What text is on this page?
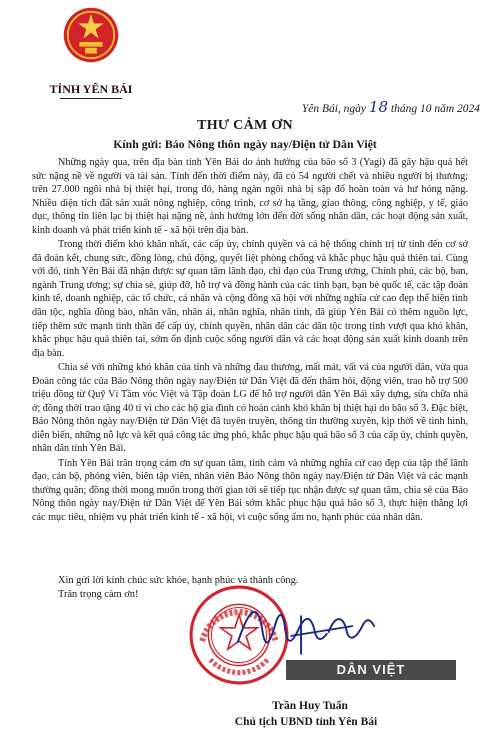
TỈNH YÊN BÁI
Yên Bái, ngày 18 tháng 10 năm 2024
THƯ CẢM ƠN
Kính gửi: Báo Nông thôn ngày nay/Điện tử Dân Việt

Những ngày qua, trên địa bàn tỉnh Yên Bái do ảnh hưởng của bão số 3 (Yagi) đã gây hậu quả hết sức nặng nề về người và tài sản. Tính đến thời điểm này, đã có 54 người chết và nhiều người bị thương; trên 27.000 ngôi nhà bị thiệt hại, trong đó, hàng ngàn ngôi nhà bị sập đổ hoàn toàn và hư hỏng nặng. Nhiều diện tích đất sản xuất nông nghiệp, công trình, cơ sở hạ tầng, giao thông, công nghiệp, y tế, giáo dục, thông tin liên lạc bị thiệt hại nặng nề, ảnh hưởng lớn đến đời sống nhân dân, các hoạt động sản xuất, kinh doanh và phát triển kinh tế - xã hội trên địa bàn.

Trong thời điểm khó khăn nhất, các cấp ủy, chính quyền và cả hệ thống chính trị từ tỉnh đến cơ sở đã đoàn kết, chung sức, đồng lòng, chủ động, quyết liệt phòng chống và khắc phục hậu quả thiên tai. Cùng với đó, tỉnh Yên Bái đã nhận được sự quan tâm lãnh đạo, chỉ đạo của Trung ương, Chính phủ, các bộ, ban, ngành Trung ương; sự chia sẻ, giúp đỡ, hỗ trợ và đồng hành của các tỉnh bạn, bạn bè quốc tế, các tập đoàn kinh tế, doanh nghiệp, các tổ chức, cá nhân và cộng đồng xã hội với những nghĩa cử cao đẹp thể hiện tình dân tộc, nghĩa đồng bào, nhân văn, nhân ái, nhân nghĩa, nhân tình, đã giúp Yên Bái có thêm nguồn lực, tiếp thêm sức mạnh tinh thần để cấp ủy, chính quyền, nhân dân các dân tộc trong tỉnh vượt qua khó khăn, khắc phục hậu quả thiên tai, sớm ổn định cuộc sống người dân và các hoạt động sản xuất kinh doanh trên địa bàn.

Chia sẻ với những khó khăn của tỉnh và những đau thương, mất mát, vất vả của người dân, vừa qua Đoàn công tác của Báo Nông thôn ngày nay/Điện tử Dân Việt đã đến thăm hỏi, động viên, trao hỗ trợ 500 triệu đồng từ Quỹ Vì Tầm vóc Việt và Tập đoàn LG để hỗ trợ người dân Yên Bái xây dựng, sửa chữa nhà ở; đồng thời trao tặng 40 ti vi cho các hộ gia đình có hoàn cảnh khó khăn bị thiệt hại do bão số 3. Đặc biệt, Báo Nông thôn ngày nay/Điện tử Dân Việt đã tuyên truyền, thông tin thường xuyên, kịp thời về tình hình, diễn biến, những nỗ lực và kết quả công tác ứng phó, khắc phục hậu quả bão số 3 của cấp ủy, chính quyền, nhân dân tỉnh Yên Bái.

Tỉnh Yên Bái trân trọng cảm ơn sự quan tâm, tình cảm và những nghĩa cử cao đẹp của tập thể lãnh đạo, cán bộ, phóng viên, biên tập viên, nhân viên Báo Nông thôn ngày nay/Điện tử Dân Việt và các mạnh thường quân; đồng thời mong muốn trong thời gian tới sẽ tiếp tục nhận được sự quan tâm, chia sẻ của Báo Nông thôn ngày nay/Điện tử Dân Việt để Yên Bái sớm khắc phục hậu quả bão số 3, thực hiện thắng lợi các mục tiêu, nhiệm vụ phát triển kinh tế - xã hội, vì cuộc sống ấm no, hạnh phúc của nhân dân.

Xin gửi lời kính chúc sức khỏe, hạnh phúc và thành công.
Trân trọng cảm ơn!
DÂN VIỆT
Trần Huy Tuấn
Chủ tịch UBND tỉnh Yên Bái
